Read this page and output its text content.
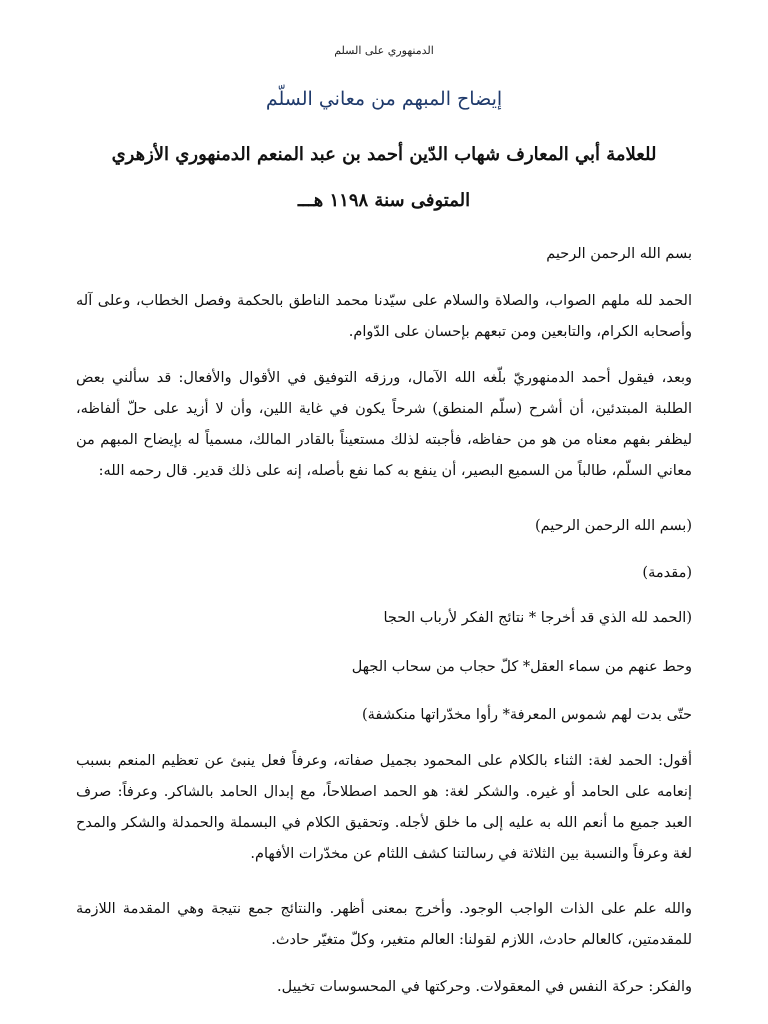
الدمنهوري على السلم
إيضاح المبهم من معاني السلّم
للعلامة أبي المعارف شهاب الدّين أحمد بن عبد المنعم الدمنهوري الأزهري
المتوفى سنة ١١٩٨ هـــ
بسم الله الرحمن الرحيم
الحمد لله ملهم الصواب، والصلاة والسلام على سيّدنا محمد الناطق بالحكمة وفصل الخطاب، وعلى آله وأصحابه الكرام، والتابعين ومن تبعهم بإحسان على الدّوام.
وبعد، فيقول أحمد الدمنهوريّ بلّغه الله الآمال، ورزقه التوفيق في الأقوال والأفعال: قد سألني بعض الطلبة المبتدئين، أن أشرح (سلّم المنطق) شرحاً يكون في غاية اللين، وأن لا أزيد على حلّ ألفاظه، ليظفر بفهم معناه من هو من حفاظه، فأجبته لذلك مستعيناً بالقادر المالك، مسمياً له بإيضاح المبهم من معاني السلّم، طالباً من السميع البصير، أن ينفع به كما نفع بأصله، إنه على ذلك قدير. قال رحمه الله:
(بسم الله الرحمن الرحيم)
(مقدمة)
(الحمد لله الذي قد أخرجا * نتائج الفكر لأرباب الحجا
وحط عنهم من سماء العقل* كلّ حجاب من سحاب الجهل
حتّى بدت لهم شموس المعرفة* رأوا مخدّراتها منكشفة)
أقول: الحمد لغة: الثناء بالكلام على المحمود بجميل صفاته، وعرفاً فعل ينبئ عن تعظيم المنعم بسبب إنعامه على الحامد أو غيره. والشكر لغة: هو الحمد اصطلاحاً، مع إبدال الحامد بالشاكر. وعرفاً: صرف العبد جميع ما أنعم الله به عليه إلى ما خلق لأجله. وتحقيق الكلام في البسملة والحمدلة والشكر والمدح لغة وعرفاً والنسبة بين الثلاثة في رسالتنا كشف اللثام عن مخدّرات الأفهام.
والله علم على الذات الواجب الوجود. وأخرج بمعنى أظهر. والنتائج جمع نتيجة وهي المقدمة اللازمة للمقدمتين، كالعالم حادث، اللازم لقولنا: العالم متغير، وكلّ متغيّر حادث.
والفكر: حركة النفس في المعقولات. وحركتها في المحسوسات تخييل.
